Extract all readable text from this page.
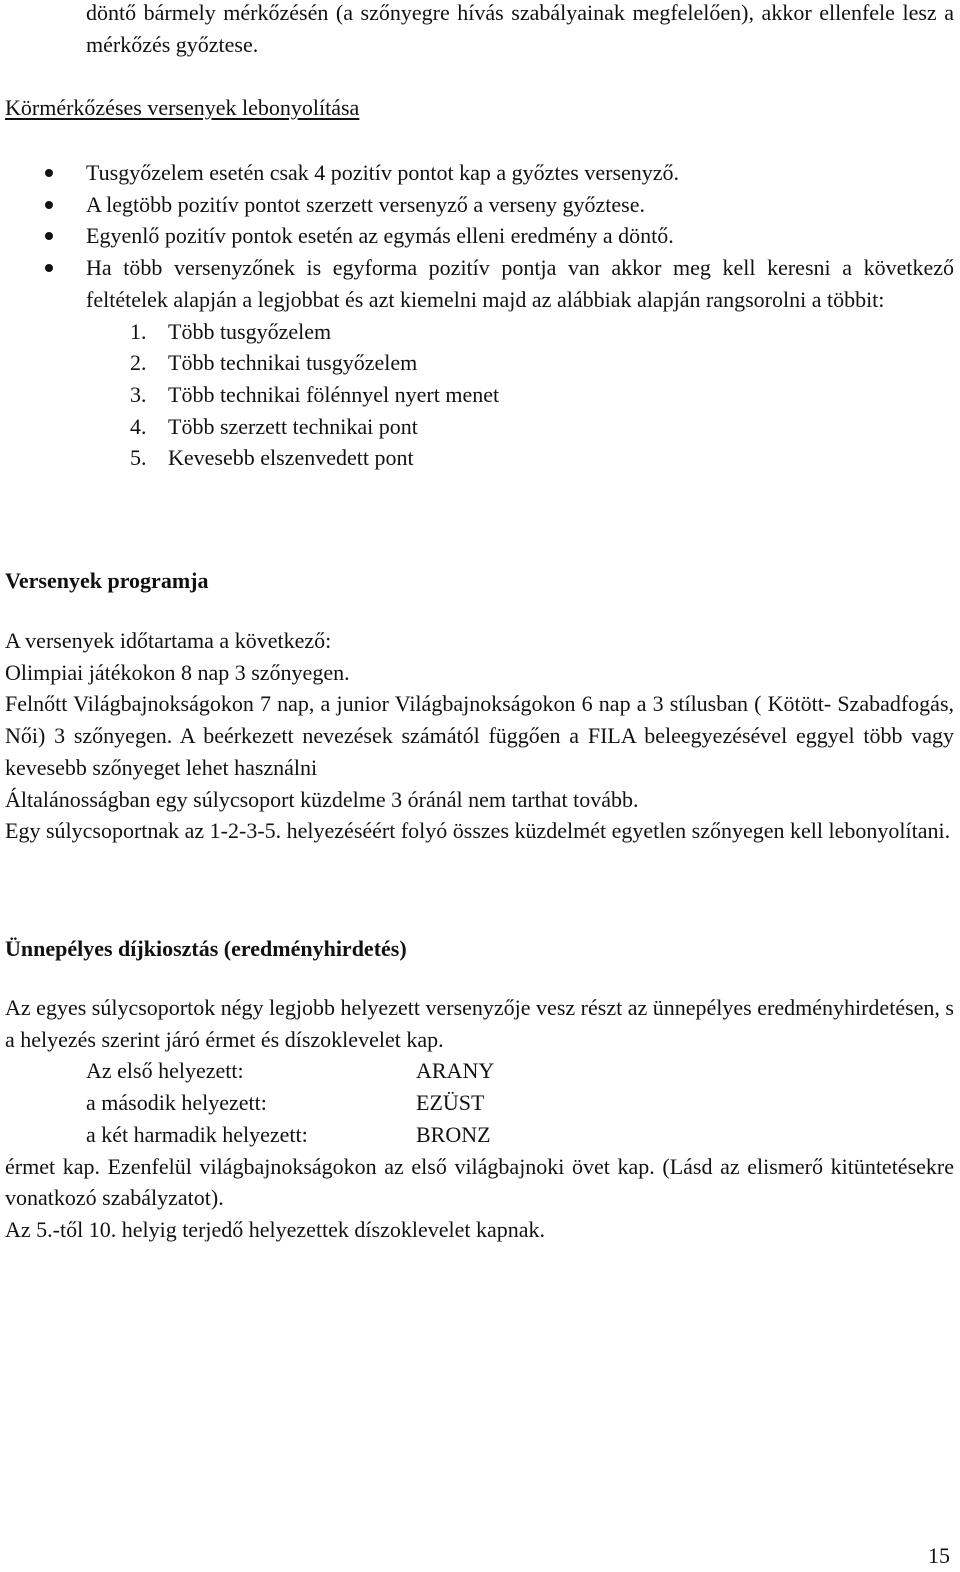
döntő bármely mérkőzésén (a szőnyegre hívás szabályainak megfelelően), akkor ellenfele lesz a mérkőzés győztese.

Körmérkőzéses versenyek lebonyolítása
Tusgyőzelem esetén csak 4 pozitív pontot kap a győztes versenyző.
A legtöbb pozitív pontot szerzett versenyző a verseny győztese.
Egyenlő pozitív pontok esetén az egymás elleni eredmény a döntő.
Ha több versenyzőnek is egyforma pozitív pontja van akkor meg kell keresni a következő feltételek alapján a legjobbat és azt kiemelni majd az alábbiak alapján rangsorolni a többit:
1. Több tusgyőzelem
2. Több technikai tusgyőzelem
3. Több technikai fölénnyel nyert menet
4. Több szerzett technikai pont
5. Kevesebb elszenvedett pont
Versenyek programja

A versenyek időtartama a következő:

Olimpiai játékokon 8 nap 3 szőnyegen.

Felnőtt Világbajnokságokon 7 nap, a junior Világbajnokságokon 6 nap a 3 stílusban ( Kötött- Szabadfogás, Női) 3 szőnyegen. A beérkezett nevezések számától függően a FILA beleegyezésével eggyel több vagy kevesebb szőnyeget lehet használni

Általánosságban egy súlycsoport küzdelme 3 óránál nem tarthat tovább.

Egy súlycsoportnak az 1-2-3-5. helyezéséért folyó összes küzdelmét egyetlen szőnyegen kell lebonyolítani.

Ünnepélyes díjkiosztás (eredményhirdetés)

Az egyes súlycsoportok négy legjobb helyezett versenyzője vesz részt az ünnepélyes eredményhirdetésen, s a helyezés szerint járó érmet és díszoklevelet kap.

Az első helyezett:	ARANY
a második helyezett:	EZÜST
a két harmadik helyezett:	BRONZ

érmet kap. Ezenfelül világbajnokságokon az első világbajnoki övet kap. (Lásd az elismerő kitüntetésekre vonatkozó szabályzatot).

Az 5.-től 10. helyig terjedő helyezettek díszoklevelet kapnak.

15
